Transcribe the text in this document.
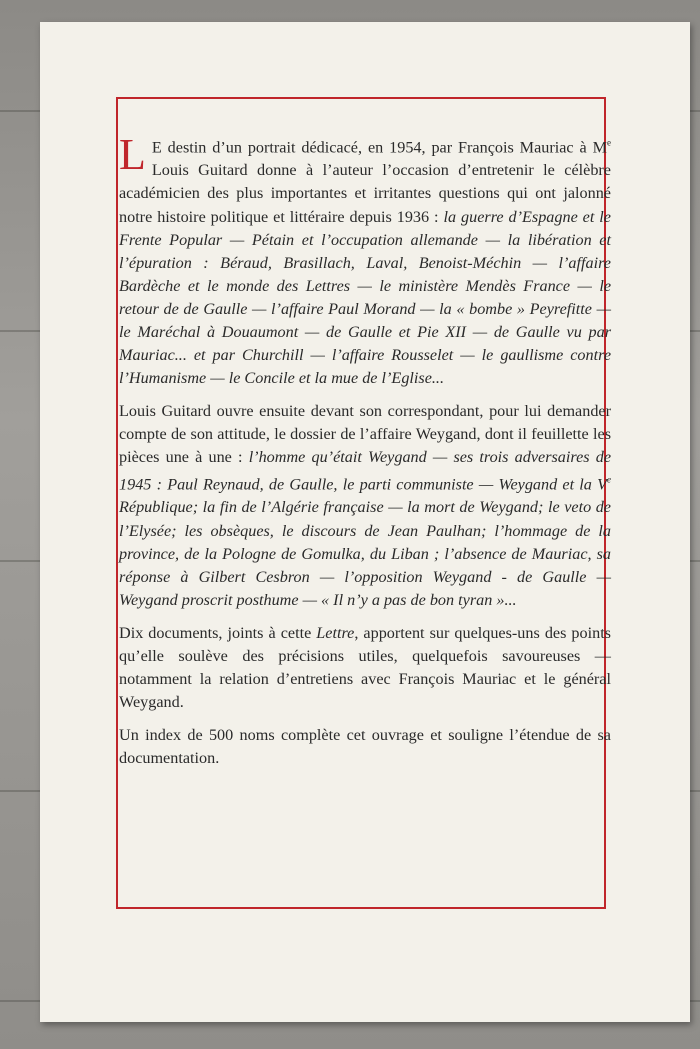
L E destin d’un portrait dédicacé, en 1954, par François Mauriac à Me Louis Guitard donne à l’auteur l’occasion d’entretenir le célèbre académicien des plus importantes et irritantes questions qui ont jalonné notre histoire politique et littéraire depuis 1936 : la guerre d’Espagne et le Frente Popular — Pétain et l’occupation allemande — la libération et l’épuration : Béraud, Brasillach, Laval, Benoist-Méchin — l’affaire Bardèche et le monde des Lettres — le ministère Mendès France — le retour de de Gaulle — l’affaire Paul Morand — la « bombe » Peyrefitte — le Maréchal à Douaumont — de Gaulle et Pie XII — de Gaulle vu par Mauriac... et par Churchill — l’affaire Rousselet — le gaullisme contre l’Humanisme — le Concile et la mue de l’Eglise...

Louis Guitard ouvre ensuite devant son correspondant, pour lui demander compte de son attitude, le dossier de l’affaire Weygand, dont il feuillette les pièces une à une : l’homme qu’était Weygand — ses trois adversaires de 1945 : Paul Reynaud, de Gaulle, le parti communiste — Weygand et la Ve République; la fin de l’Algérie française — la mort de Weygand; le veto de l’Elysée; les obsèques, le discours de Jean Paulhan; l’hommage de la province, de la Pologne de Gomulka, du Liban ; l’absence de Mauriac, sa réponse à Gilbert Cesbron — l’opposition Weygand - de Gaulle — Weygand proscrit posthume — « Il n’y a pas de bon tyran »...

Dix documents, joints à cette Lettre, apportent sur quelques-uns des points qu’elle soulève des précisions utiles, quelquefois savoureuses — notamment la relation d’entretiens avec François Mauriac et le général Weygand.

Un index de 500 noms complète cet ouvrage et souligne l’étendue de sa documentation.
